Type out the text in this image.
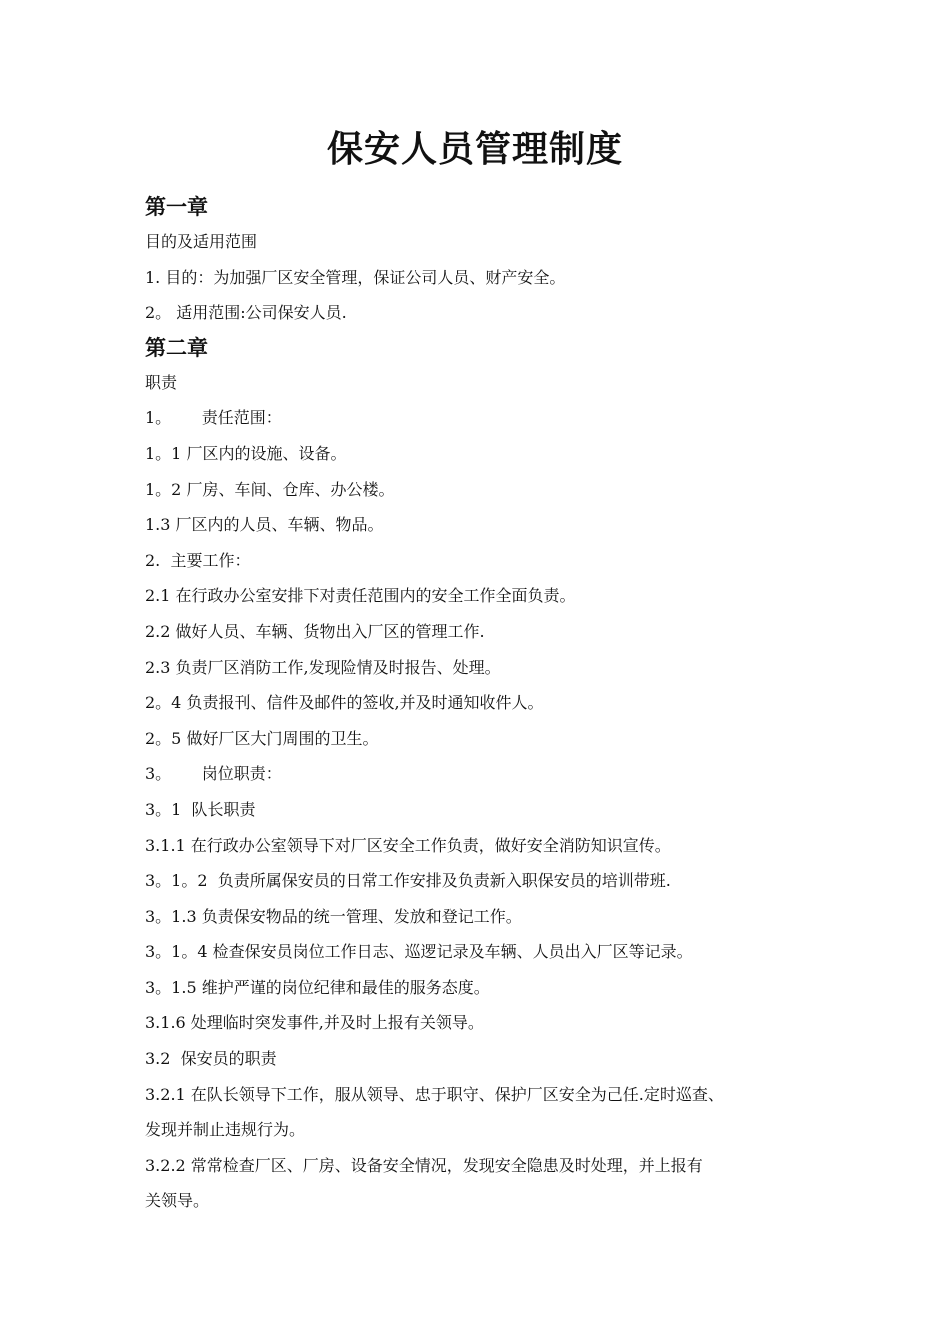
保安人员管理制度
第一章

目的及适用范围

1. 目的：为加强厂区安全管理，保证公司人员、财产安全。

2。 适用范围:公司保安人员.

第二章

职责

1。      责任范围：

1。1 厂区内的设施、设备。

1。2 厂房、车间、仓库、办公楼。

1.3 厂区内的人员、车辆、物品。

2.  主要工作：

2.1 在行政办公室安排下对责任范围内的安全工作全面负责。

2.2 做好人员、车辆、货物出入厂区的管理工作.

2.3 负责厂区消防工作,发现险情及时报告、处理。

2。4 负责报刊、信件及邮件的签收,并及时通知收件人。

2。5 做好厂区大门周围的卫生。

3。      岗位职责：

3。1  队长职责

3.1.1 在行政办公室领导下对厂区安全工作负责，做好安全消防知识宣传。

3。1。2  负责所属保安员的日常工作安排及负责新入职保安员的培训带班.

3。1.3 负责保安物品的统一管理、发放和登记工作。

3。1。4 检查保安员岗位工作日志、巡逻记录及车辆、人员出入厂区等记录。

3。1.5 维护严谨的岗位纪律和最佳的服务态度。

3.1.6 处理临时突发事件,并及时上报有关领导。

3.2  保安员的职责

3.2.1 在队长领导下工作，服从领导、忠于职守、保护厂区安全为己任.定时巡查、

发现并制止违规行为。

3.2.2 常常检查厂区、厂房、设备安全情况，发现安全隐患及时处理，并上报有

关领导。
